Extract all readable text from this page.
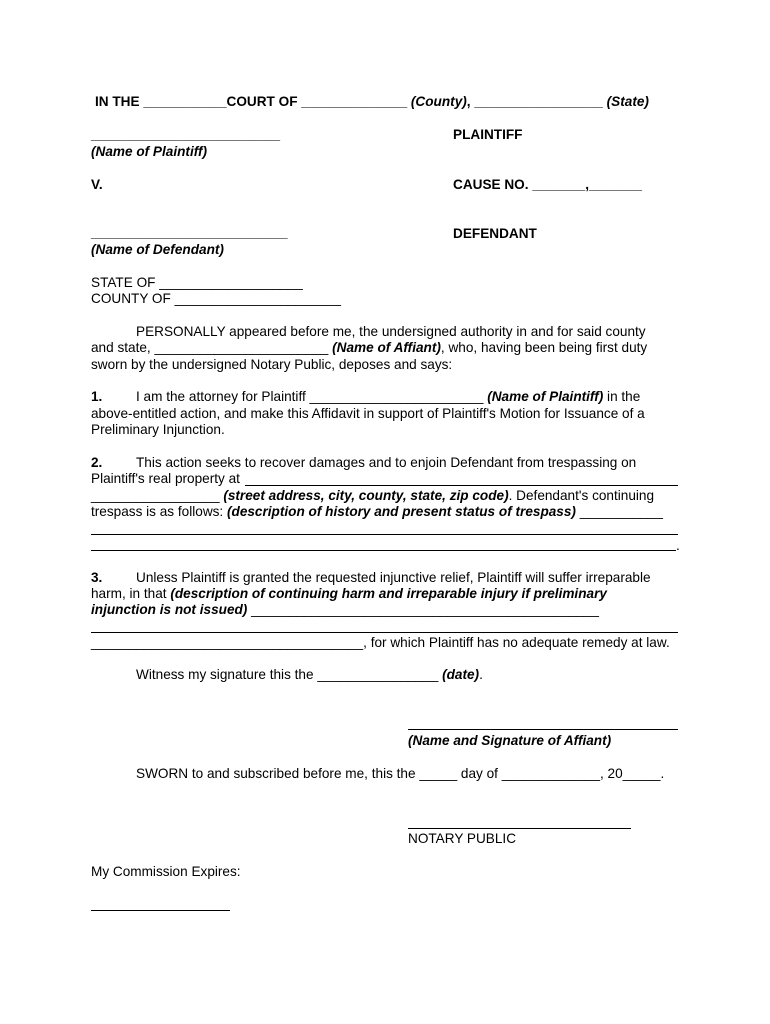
IN THE ___________COURT OF ______________ (County), _________________ (State)
_________________________
(Name of Plaintiff)
PLAINTIFF
V.	CAUSE NO. _______,_______
__________________________
(Name of Defendant)
DEFENDANT
STATE OF ___________________
COUNTY OF ______________________
PERSONALLY appeared before me, the undersigned authority in and for said county
and state, _______________________ (Name of Affiant), who, having been being first duty
sworn by the undersigned Notary Public, deposes and says:
1. I am the attorney for Plaintiff _______________________ (Name of Plaintiff) in the
above-entitled action, and make this Affidavit in support of Plaintiff's Motion for Issuance of a
Preliminary Injunction.
2. This action seeks to recover damages and to enjoin Defendant from trespassing on
Plaintiff's real property at
_________________ (street address, city, county, state, zip code). Defendant's continuing
trespass is as follows: (description of history and present status of trespass) ___________
.
3. Unless Plaintiff is granted the requested injunctive relief, Plaintiff will suffer irreparable
harm, in that (description of continuing harm and irreparable injury if preliminary
injunction is not issued) ______________________________________________
____________________________________, for which Plaintiff has no adequate remedy at law.
Witness my signature this the ________________ (date).
(Name and Signature of Affiant)
SWORN to and subscribed before me, this the _____ day of _____________, 20_____.
NOTARY PUBLIC
My Commission Expires:
